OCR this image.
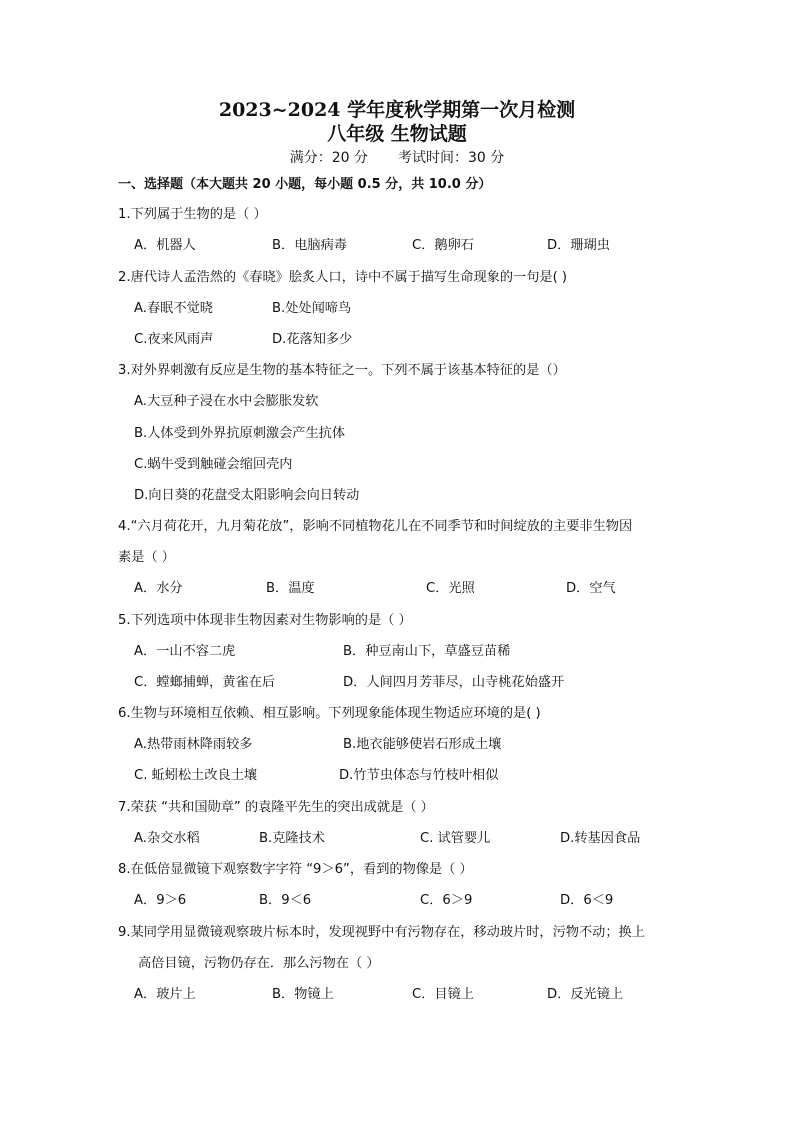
2023~2024 学年度秋学期第一次月检测
八年级 生物试题
满分：20 分 考试时间：30 分
一、选择题（本大题共 20 小题，每小题 0.5 分，共 10.0 分）
1.下列属于生物的是（ ）
A．机器人	B．电脑病毒	C．鹅卵石	D．珊瑚虫
2.唐代诗人孟浩然的《春晓》脍炙人口，诗中不属于描写生命现象的一句是( )
A.春眠不觉晓	B.处处闻啼鸟
C.夜来风雨声	D.花落知多少
3.对外界刺激有反应是生物的基本特征之一。下列不属于该基本特征的是（）
A.大豆种子浸在水中会膨胀发软
B.人体受到外界抗原刺激会产生抗体
C.蜗牛受到触碰会缩回壳内
D.向日葵的花盘受太阳影响会向日转动
4.“六月荷花开，九月菊花放”，影响不同植物花儿在不同季节和时间绽放的主要非生物因
素是（ ）
A．水分	B．温度	C．光照	D．空气
5.下列选项中体现非生物因素对生物影响的是（ ）
A．一山不容二虎	B．种豆南山下，草盛豆苗稀
C．螳螂捕蝉，黄雀在后	D．人间四月芳菲尽，山寺桃花始盛开
6.生物与环境相互依赖、相互影响。下列现象能体现生物适应环境的是( )
A.热带雨林降雨较多	B.地衣能够使岩石形成土壤
C. 蚯蚓松土改良土壤	D.竹节虫体态与竹枝叶相似
7.荣获 “共和国勋章” 的袁隆平先生的突出成就是（ ）
A.杂交水稻	B.克隆技术	C. 试管婴儿	D.转基因食品
8.在低倍显微镜下观察数字字符 “9＞6”，看到的物像是（ ）
A．9＞6	B．9＜6	C．6＞9	D．6＜9
9.某同学用显微镜观察玻片标本时，发现视野中有污物存在，移动玻片时，污物不动；换上
高倍目镜，污物仍存在．那么污物在（ ）
A．玻片上	B．物镜上	C．目镜上	D．反光镜上
